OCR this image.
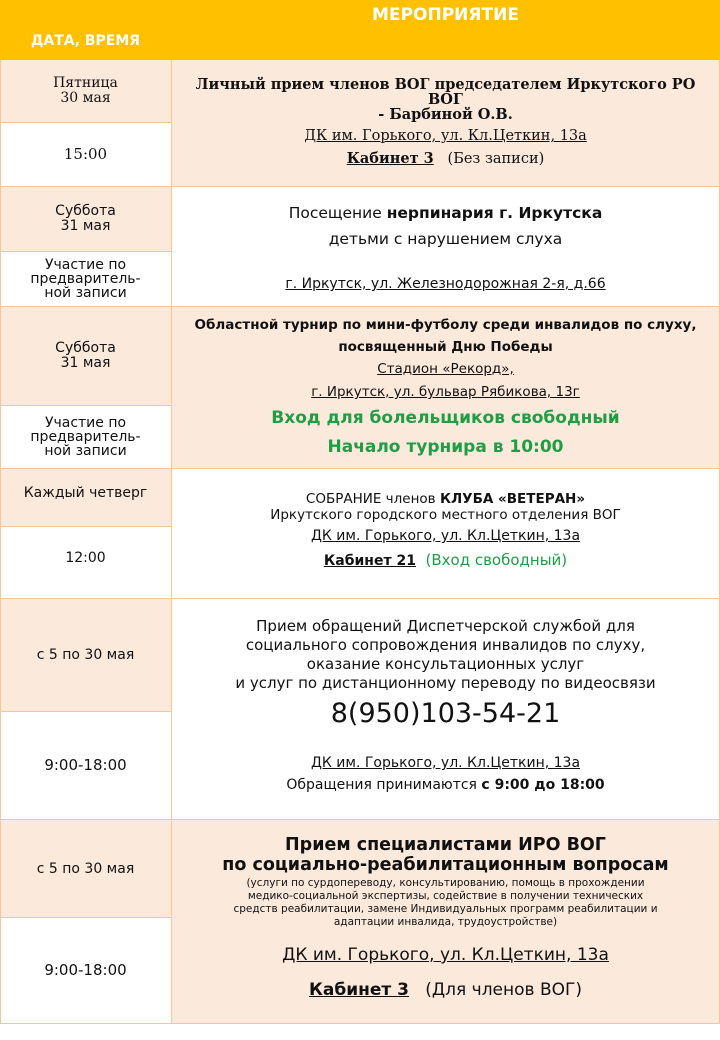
ДАТА, ВРЕМЯ
МЕРОПРИЯТИЕ
Пятница
30 мая
15:00
Личный прием членов ВОГ председателем Иркутского РО
ВОГ
- Барбиной О.В.
ДК им. Горького, ул. Кл.Цеткин, 13а
Кабинет 3 (Без записи)
Суббота
31 мая
Участие по
предваритель-
ной записи
Посещение нерпинария г. Иркутска
детьми с нарушением слуха
г. Иркутск, ул. Железнодорожная 2-я, д.66
Суббота
31 мая
Участие по
предваритель-
ной записи
Областной турнир по мини-футболу среди инвалидов по слуху,
посвященный Дню Победы
Стадион «Рекорд»,
г. Иркутск, ул. бульвар Рябикова, 13г
Вход для болельщиков свободный
Начало турнира в 10:00
Каждый четверг
12:00
СОБРАНИЕ членов КЛУБА «ВЕТЕРАН»
Иркутского городского местного отделения ВОГ
ДК им. Горького, ул. Кл.Цеткин, 13а
Кабинет 21 (Вход свободный)
с 5 по 30 мая
9:00-18:00
Прием обращений Диспетчерской службой для
социального сопровождения инвалидов по слуху,
оказание консультационных услуг
и услуг по дистанционному переводу по видеосвязи
8(950)103-54-21
ДК им. Горького, ул. Кл.Цеткин, 13а
Обращения принимаются с 9:00 до 18:00
с 5 по 30 мая
9:00-18:00
Прием специалистами ИРО ВОГ
по социально-реабилитационным вопросам
(услуги по сурдопереводу, консультированию, помощь в прохождении
медико-социальной экспертизы, содействие в получении технических
средств реабилитации, замене Индивидуальных программ реабилитации и
адаптации инвалида, трудоустройстве)
ДК им. Горького, ул. Кл.Цеткин, 13а
Кабинет 3 (Для членов ВОГ)
